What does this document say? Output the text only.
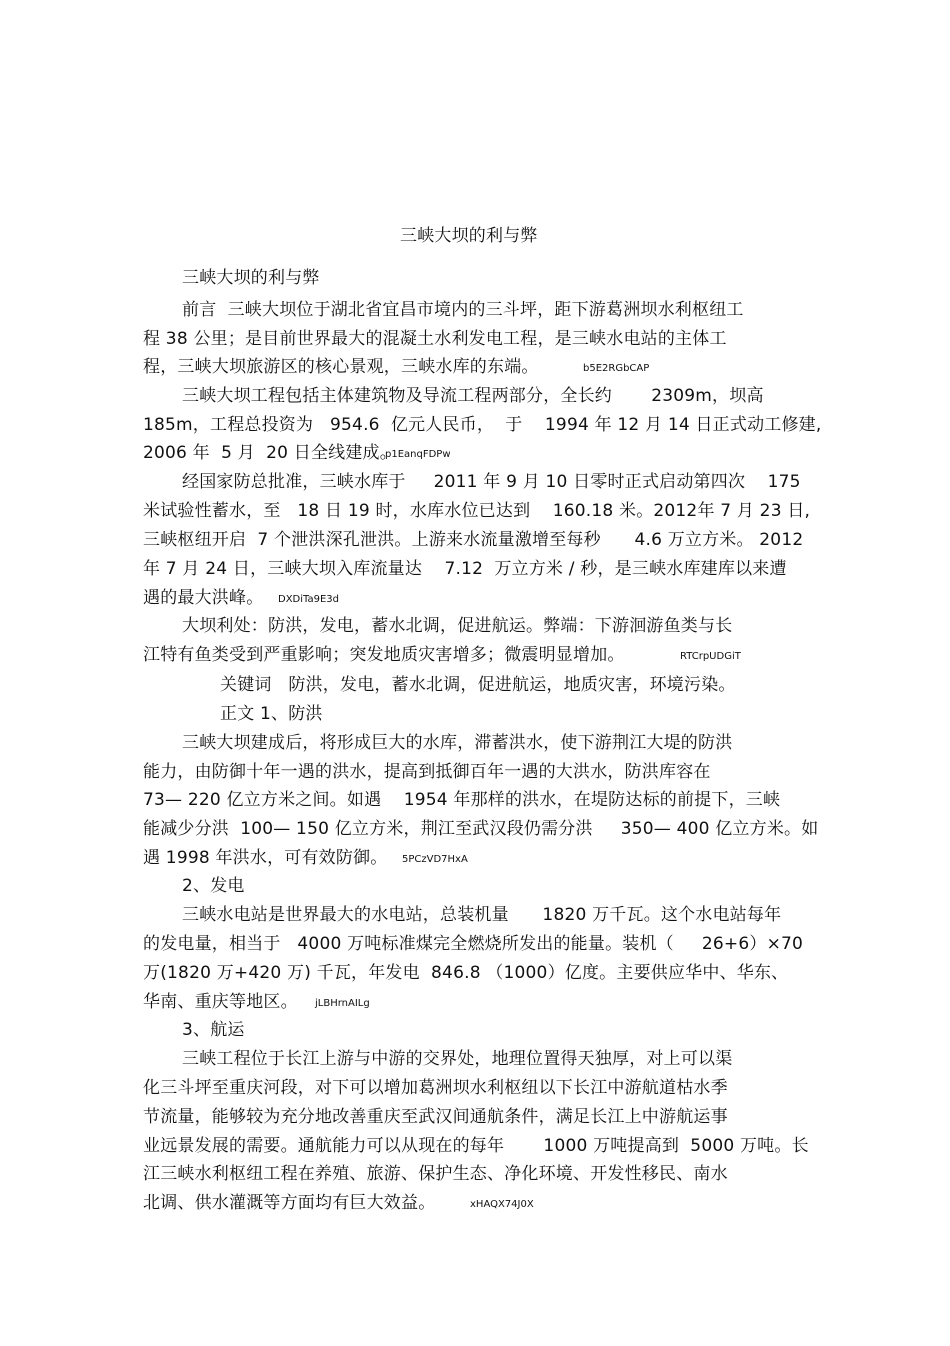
三峡大坝的利与弊
三峡大坝的利与弊
前言  三峡大坝位于湖北省宜昌市境内的三斗坪，距下游葛洲坝水利枢纽工
程 38 公里；是目前世界最大的混凝土水利发电工程，是三峡水电站的主体工
程，三峡大坝旅游区的核心景观，三峡水库的东端。	b5E2RGbCAP
三峡大坝工程包括主体建筑物及导流工程两部分，全长约       2309m，坝高
185m，工程总投资为   954.6  亿元人民币，  于    1994 年 12 月 14 日正式动工修建,
2006 年  5 月  20 日全线建成。
p1EanqFDPw
经国家防总批准，三峡水库于     2011 年 9 月 10 日零时正式启动第四次    175
米试验性蓄水，至   18 日 19 时，水库水位已达到    160.18 米。2012年 7 月 23 日,
三峡枢纽开启  7 个泄洪深孔泄洪。上游来水流量激增至每秒      4.6 万立方米。 2012
年 7 月 24 日，三峡大坝入库流量达    7.12  万立方米 / 秒，是三峡水库建库以来遭
遇的最大洪峰。 DXDiTa9E3d
大坝利处：防洪，发电，蓄水北调，促进航运。弊端：下游洄游鱼类与长
江特有鱼类受到严重影响；突发地质灾害增多；微震明显增加。	RTCrpUDGiT
关键词   防洪，发电，蓄水北调，促进航运，地质灾害，环境污染。
正文 1、防洪
三峡大坝建成后，将形成巨大的水库，滞蓄洪水，使下游荆江大堤的防洪
能力，由防御十年一遇的洪水，提高到抵御百年一遇的大洪水，防洪库容在
73— 220 亿立方米之间。如遇    1954 年那样的洪水，在堤防达标的前提下，三峡
能减少分洪  100— 150 亿立方米，荆江至武汉段仍需分洪     350— 400 亿立方米。如
遇 1998 年洪水，可有效防御。 5PCzVD7HxA
2、发电
三峡水电站是世界最大的水电站，总装机量      1820 万千瓦。这个水电站每年
的发电量，相当于   4000 万吨标准煤完全燃烧所发出的能量。装机（     26+6）×70
万(1820 万+420 万) 千瓦，年发电  846.8 （1000）亿度。主要供应华中、华东、
华南、重庆等地区。 jLBHrnAILg
3、航运
三峡工程位于长江上游与中游的交界处，地理位置得天独厚，对上可以渠
化三斗坪至重庆河段，对下可以增加葛洲坝水利枢纽以下长江中游航道枯水季
节流量，能够较为充分地改善重庆至武汉间通航条件，满足长江上中游航运事
业远景发展的需要。通航能力可以从现在的每年       1000 万吨提高到  5000 万吨。长
江三峡水利枢纽工程在养殖、旅游、保护生态、净化环境、开发性移民、南水
北调、供水灌溉等方面均有巨大效益。	xHAQX74J0X
